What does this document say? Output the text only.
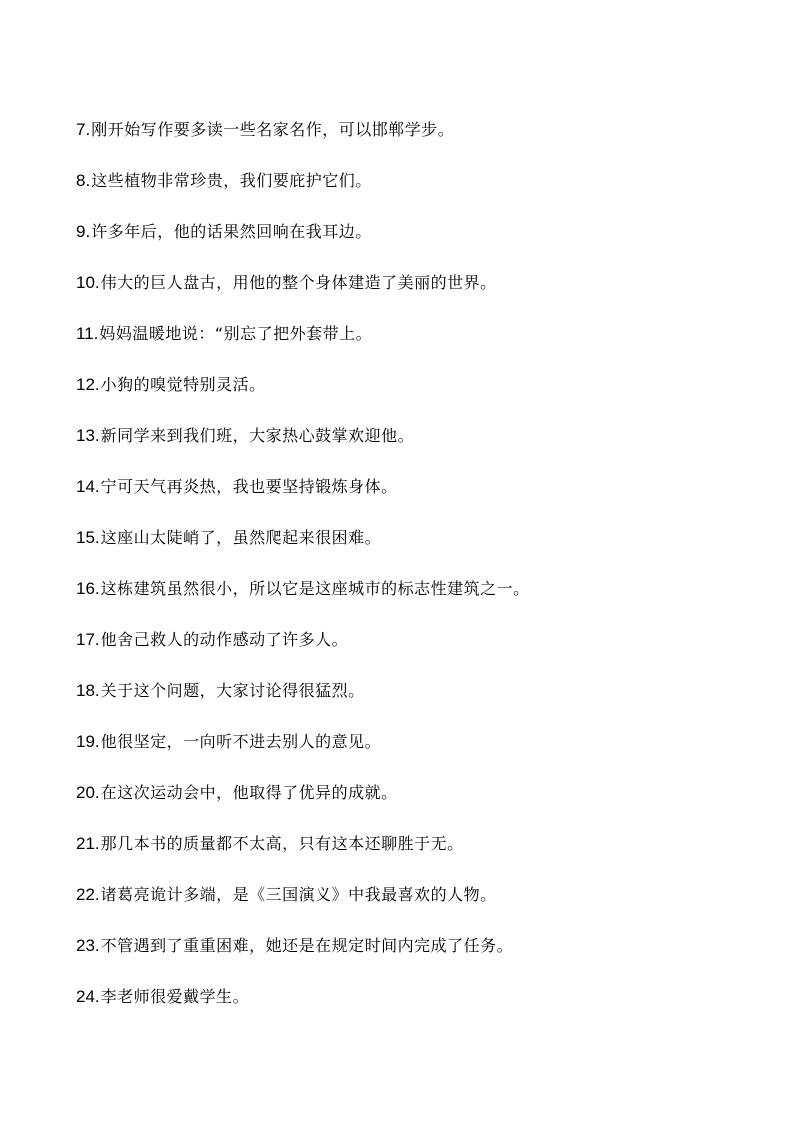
7. 刚开始写作要多读一些名家名作，可以邯郸学步。
8. 这些植物非常珍贵，我们要庇护它们。
9. 许多年后，他的话果然回响在我耳边。
10. 伟大的巨人盘古，用他的整个身体建造了美丽的世界。
11. 妈妈温暖地说：“别忘了把外套带上。
12. 小狗的嗅觉特别灵活。
13. 新同学来到我们班，大家热心鼓掌欢迎他。
14. 宁可天气再炎热，我也要坚持锻炼身体。
15. 这座山太陡峭了，虽然爬起来很困难。
16. 这栋建筑虽然很小，所以它是这座城市的标志性建筑之一。
17. 他舍己救人的动作感动了许多人。
18. 关于这个问题，大家讨论得很猛烈。
19. 他很坚定，一向听不进去别人的意见。
20. 在这次运动会中，他取得了优异的成就。
21. 那几本书的质量都不太高，只有这本还聊胜于无。
22. 诸葛亮诡计多端，是《三国演义》中我最喜欢的人物。
23. 不管遇到了重重困难，她还是在规定时间内完成了任务。
24. 李老师很爱戴学生。
